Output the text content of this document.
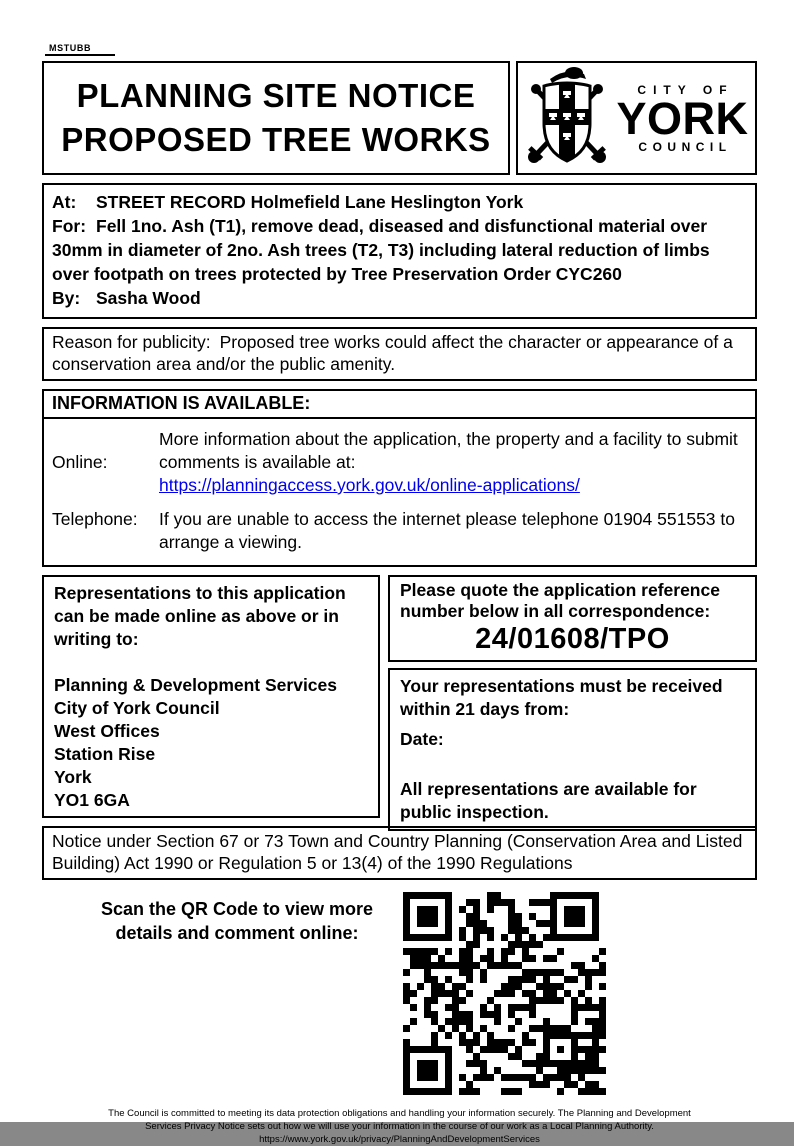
MSTUBB
PLANNING SITE NOTICE
PROPOSED TREE WORKS
CITY OF
YORK
COUNCIL
At: STREET RECORD Holmefield Lane Heslington York
For: Fell 1no. Ash (T1), remove dead, diseased and disfunctional material over 30mm in diameter of 2no. Ash trees (T2, T3) including lateral reduction of limbs over footpath on trees protected by Tree Preservation Order CYC260
By: Sasha Wood
Reason for publicity: Proposed tree works could affect the character or appearance of a conservation area and/or the public amenity.
INFORMATION IS AVAILABLE:
Online:
More information about the application, the property and a facility to submit comments is available at:
https://planningaccess.york.gov.uk/online-applications/
Telephone:	If you are unable to access the internet please telephone 01904 551553 to arrange a viewing.
Representations to this application can be made online as above or in writing to:
Planning & Development Services
City of York Council
West Offices
Station Rise
York
YO1 6GA
Please quote the application reference number below in all correspondence:
24/01608/TPO
Your representations must be received within 21 days from:
Date:
All representations are available for public inspection.
Notice under Section 67 or 73 Town and Country Planning (Conservation Area and Listed Building) Act 1990 or Regulation 5 or 13(4) of the 1990 Regulations
Scan the QR Code to view more
details and comment online:
The Council is committed to meeting its data protection obligations and handling your information securely. The Planning and Development
Services Privacy Notice sets out how we will use your information in the course of our work as a Local Planning Authority.
https://www.york.gov.uk/privacy/PlanningAndDevelopmentServices
